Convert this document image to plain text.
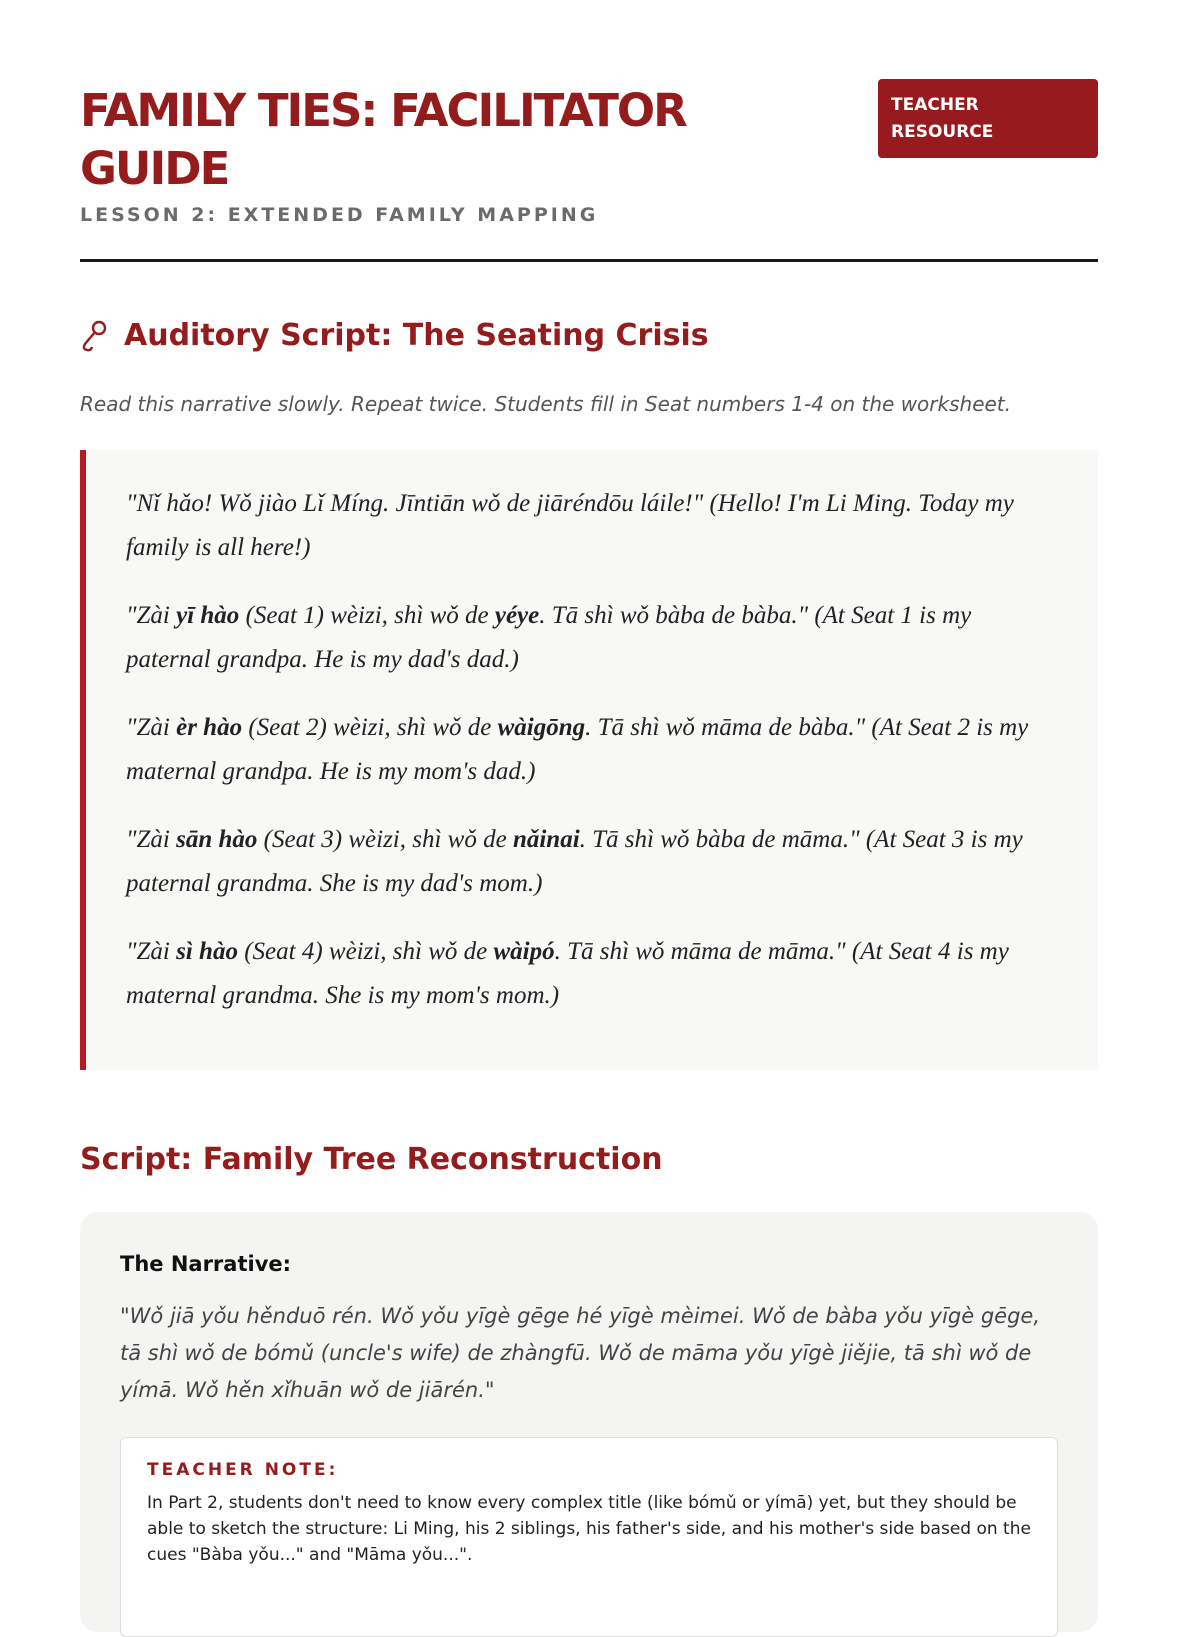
FAMILY TIES: FACILITATOR GUIDE
LESSON 2: EXTENDED FAMILY MAPPING
TEACHER RESOURCE
Auditory Script: The Seating Crisis
Read this narrative slowly. Repeat twice. Students fill in Seat numbers 1-4 on the worksheet.

"Nǐ hǎo! Wǒ jiào Lǐ Míng. Jīntiān wǒ de jiāréndōu láile!" (Hello! I'm Li Ming. Today my family is all here!)

"Zài yī hào (Seat 1) wèizi, shì wǒ de yéye. Tā shì wǒ bàba de bàba." (At Seat 1 is my paternal grandpa. He is my dad's dad.)

"Zài èr hào (Seat 2) wèizi, shì wǒ de wàigōng. Tā shì wǒ māma de bàba." (At Seat 2 is my maternal grandpa. He is my mom's dad.)

"Zài sān hào (Seat 3) wèizi, shì wǒ de nǎinai. Tā shì wǒ bàba de māma." (At Seat 3 is my paternal grandma. She is my dad's mom.)

"Zài sì hào (Seat 4) wèizi, shì wǒ de wàipó. Tā shì wǒ māma de māma." (At Seat 4 is my maternal grandma. She is my mom's mom.)

Script: Family Tree Reconstruction
The Narrative:
"Wǒ jiā yǒu hěnduō rén. Wǒ yǒu yīgè gēge hé yīgè mèimei. Wǒ de bàba yǒu yīgè gēge, tā shì wǒ de bómǔ (uncle's wife) de zhàngfū. Wǒ de māma yǒu yīgè jiějie, tā shì wǒ de yímā. Wǒ hěn xǐhuān wǒ de jiārén."
TEACHER NOTE:
In Part 2, students don't need to know every complex title (like bómǔ or yímā) yet, but they should be able to sketch the structure: Li Ming, his 2 siblings, his father's side, and his mother's side based on the cues "Bàba yǒu..." and "Māma yǒu...".
